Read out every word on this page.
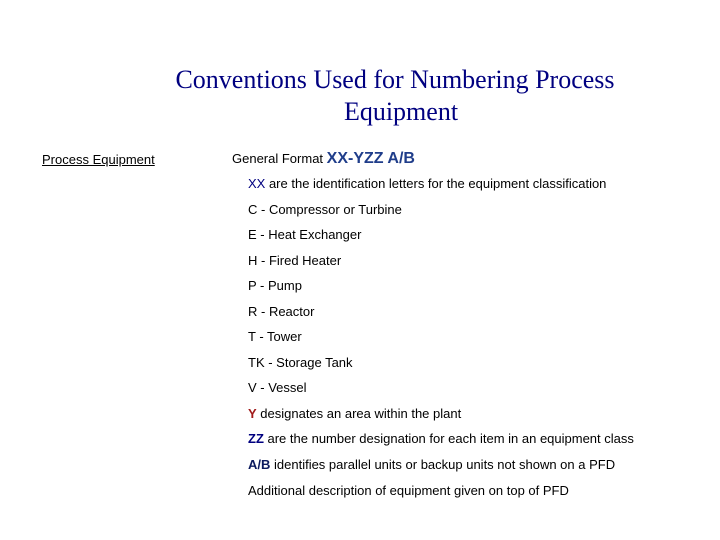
Conventions Used for Numbering Process
Equipment
Process Equipment	General Format XX-YZZ A/B
XX are the identification letters for the equipment classification
C - Compressor or Turbine
E - Heat Exchanger
H - Fired Heater
P - Pump
R - Reactor
T - Tower
TK - Storage Tank
V - Vessel
Y designates an area within the plant
ZZ are the number designation for each item in an equipment class
A/B identifies parallel units or backup units not shown on a PFD
Additional description of equipment given on top of PFD
